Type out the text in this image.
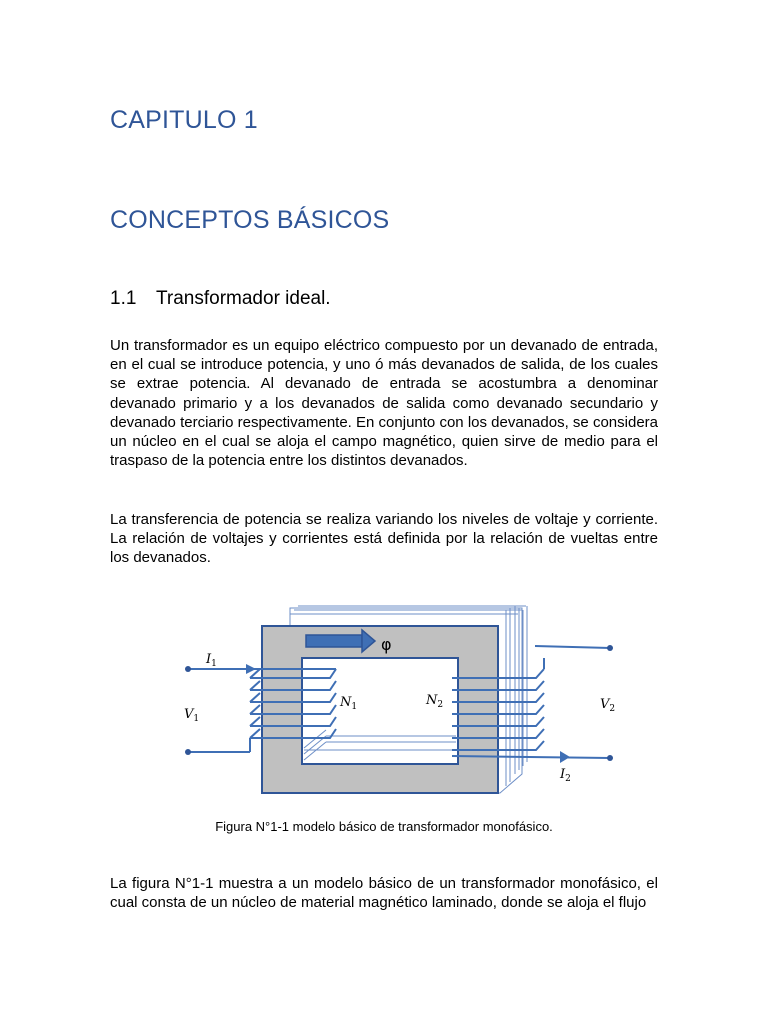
CAPITULO 1
CONCEPTOS BÁSICOS
1.1 Transformador ideal.

Un transformador es un equipo eléctrico compuesto por un devanado de entrada, en el cual se introduce potencia, y uno ó más devanados de salida, de los cuales se extrae potencia. Al devanado de entrada se acostumbra a denominar devanado primario y a los devanados de salida como devanado secundario y devanado terciario respectivamente. En conjunto con los devanados, se considera un núcleo en el cual se aloja el campo magnético, quien sirve de medio para el traspaso de la potencia entre los distintos devanados.

La transferencia de potencia se realiza variando los niveles de voltaje y corriente. La relación de voltajes y corrientes está definida por la relación de vueltas entre los devanados.

φ
$I_1$
$V_1$
$N_1$	$N_2$	$V_2$
$I_2$
Figura N°1-1 modelo básico de transformador monofásico.

La figura N°1-1 muestra a un modelo básico de un transformador monofásico, el cual consta de un núcleo de material magnético laminado, donde se aloja el flujo
